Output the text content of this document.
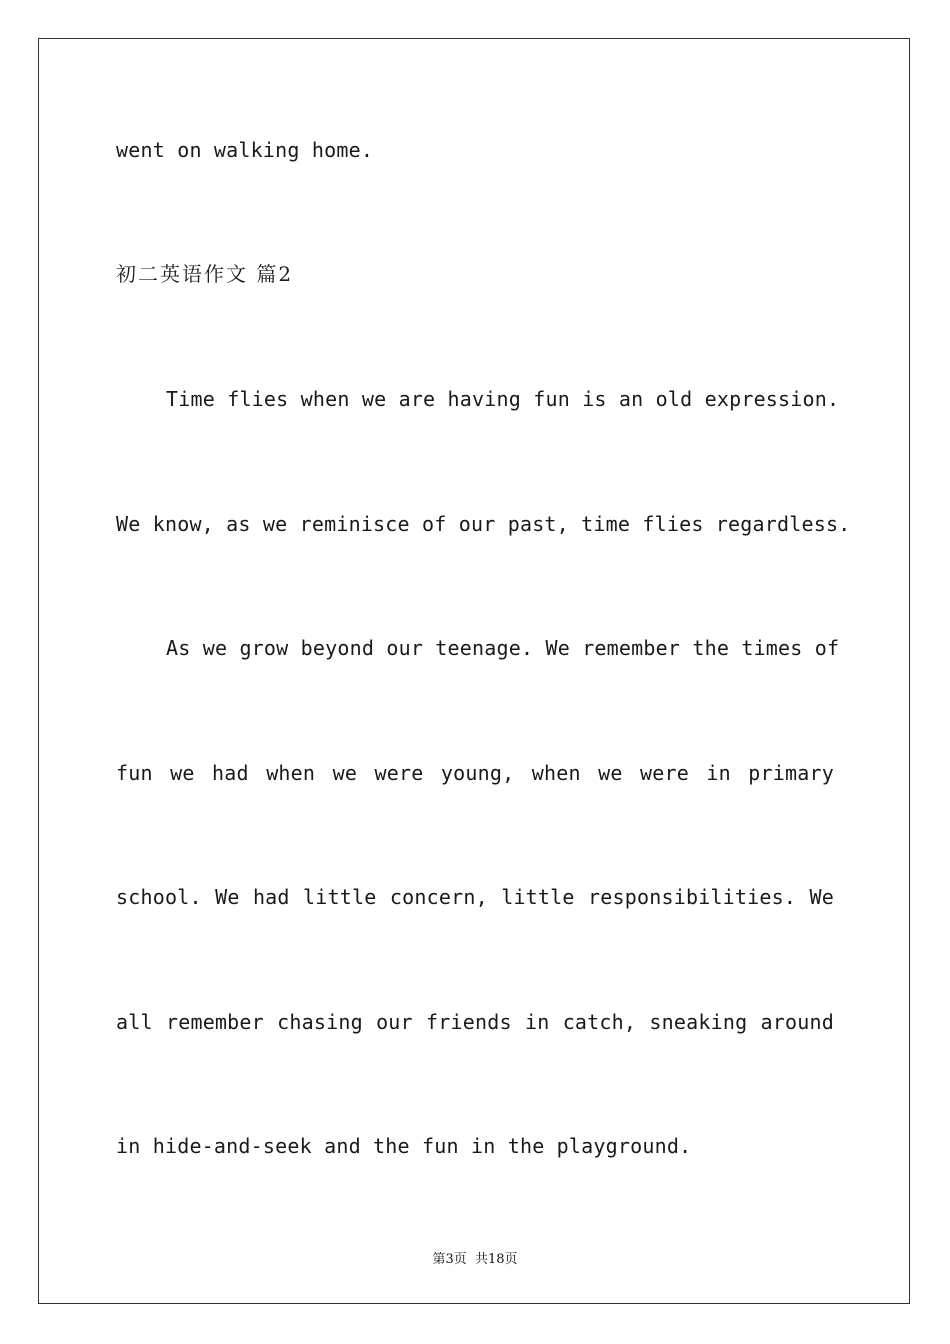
went on walking home.
初二英语作文 篇2
Time flies when we are having fun is an old expression.
We know, as we reminisce of our past, time flies regardless.
As we grow beyond our teenage. We remember the times of
fun we had when we were young, when we were in primary
school. We had little concern, little responsibilities. We
all remember chasing our friends in catch, sneaking around
in hide-and-seek and the fun in the playground.
第3页  共18页
